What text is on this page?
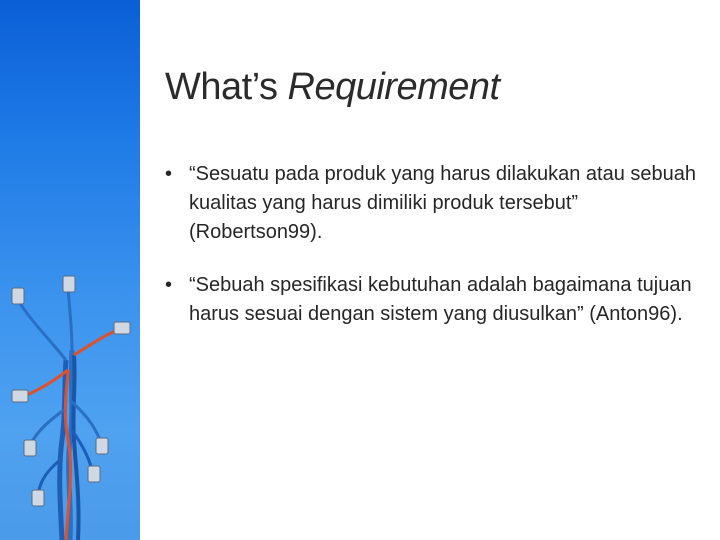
What’s Requirement
• “Sesuatu pada produk yang harus dilakukan atau sebuah kualitas yang harus dimiliki produk tersebut” (Robertson99).
• “Sebuah spesifikasi kebutuhan adalah bagaimana tujuan harus sesuai dengan sistem yang diusulkan” (Anton96).
